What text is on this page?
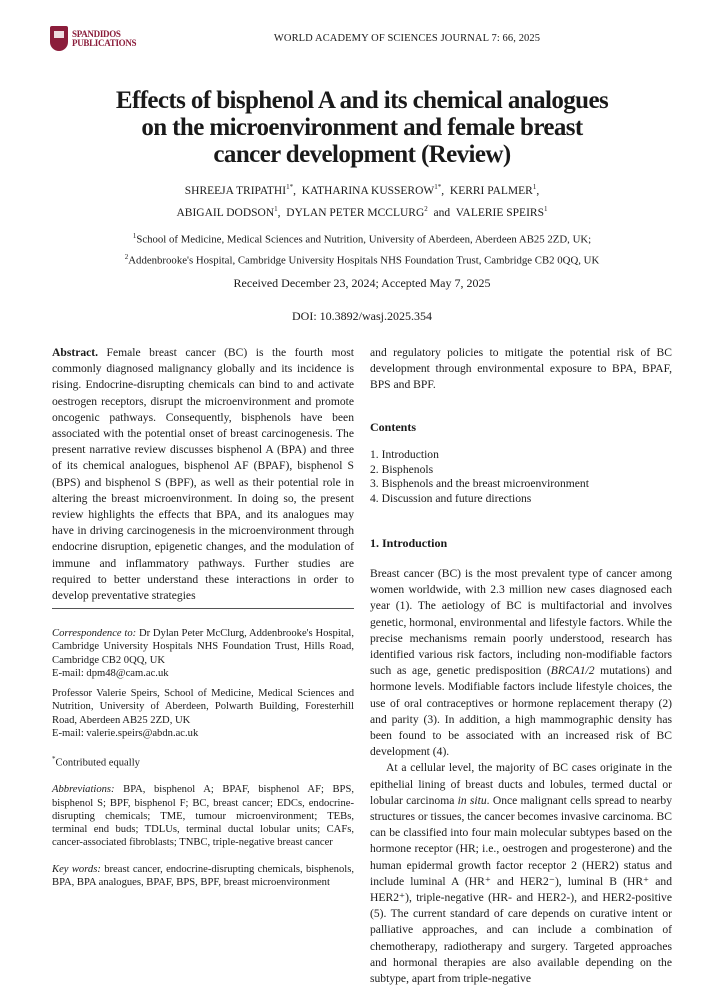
SPANDIDOS
PUBLICATIONS	WORLD ACADEMY OF SCIENCES JOURNAL 7: 66, 2025
Effects of bisphenol A and its chemical analogues
on the microenvironment and female breast
cancer development (Review)
SHREEJA $TRIPATHI^{1*}$,  KATHARINA $KUSSEROW^{1*}$,  KERRI PALMER$^1$,
ABIGAIL DODSON$^1$,  DYLAN PETER MCCLURG$^2$ and VALERIE SPEIRS$^1$
$^1$School of Medicine, Medical Sciences and Nutrition, University of Aberdeen, Aberdeen AB25 2ZD, UK;
$^2$Addenbrooke's Hospital, Cambridge University Hospitals NHS Foundation Trust, Cambridge CB2 0QQ, UK
Received December 23, 2024; Accepted May 7, 2025
DOI: 10.3892/wasj.2025.354

Abstract. Female breast cancer (BC) is the fourth most commonly diagnosed malignancy globally and its incidence is rising. Endocrine-disrupting chemicals can bind to and activate oestrogen receptors, disrupt the microenvironment and promote oncogenic pathways. Consequently, bisphenols have been associated with the potential onset of breast carcinogenesis. The present narrative review discusses bisphenol A (BPA) and three of its chemical analogues, bisphenol AF (BPAF), bisphenol S (BPS) and bisphenol S (BPF), as well as their potential role in altering the breast microenvironment. In doing so, the present review highlights the effects that BPA, and its analogues may have in driving carcinogenesis in the microenvironment through endocrine disruption, epigenetic changes, and the modulation of immune and inflammatory pathways. Further studies are required to better understand these interactions in order to develop preventative strategies

Correspondence to: Dr Dylan Peter McClurg, Addenbrooke's Hospital, Cambridge University Hospitals NHS Foundation Trust, Hills Road, Cambridge CB2 0QQ, UK

E-mail: dpm48@cam.ac.uk

Professor Valerie Speirs, School of Medicine, Medical Sciences and Nutrition, University of Aberdeen, Polwarth Building, Foresterhill Road, Aberdeen AB25 2ZD, UK

E-mail: valerie.speirs@abdn.ac.uk

*Contributed equally

Abbreviations: BPA, bisphenol A; BPAF, bisphenol AF; BPS, bisphenol S; BPF, bisphenol F; BC, breast cancer; EDCs, endocrine-disrupting chemicals; TME, tumour microenvironment; TEBs, terminal end buds; TDLUs, terminal ductal lobular units; CAFs, cancer-associated fibroblasts; TNBC, triple-negative breast cancer

Key words: breast cancer, endocrine-disrupting chemicals, bisphenols, BPA, BPA analogues, BPAF, BPS, BPF, breast microenvironment

and regulatory policies to mitigate the potential risk of BC development through environmental exposure to BPA, BPAF, BPS and BPF.

Contents
1. Introduction
2. Bisphenols
3. Bisphenols and the breast microenvironment
4. Discussion and future directions
1. Introduction

Breast cancer (BC) is the most prevalent type of cancer among women worldwide, with 2.3 million new cases diagnosed each year (1). The aetiology of BC is multifactorial and involves genetic, hormonal, environmental and lifestyle factors. While the precise mechanisms remain poorly understood, research has identified various risk factors, including non-modifiable factors such as age, genetic predisposition (BRCA1/2 mutations) and hormone levels. Modifiable factors include lifestyle choices, the use of oral contraceptives or hormone replacement therapy (2) and parity (3). In addition, a high mammographic density has been found to be associated with an increased risk of BC development (4).

At a cellular level, the majority of BC cases originate in the epithelial lining of breast ducts and lobules, termed ductal or lobular carcinoma in situ. Once malignant cells spread to nearby structures or tissues, the cancer becomes invasive carcinoma. BC can be classified into four main molecular subtypes based on the hormone receptor (HR; i.e., oestrogen and progesterone) and the human epidermal growth factor receptor 2 (HER2) status and include luminal A (HR⁺ and HER2⁻), luminal B (HR⁺ and HER2⁺), triple-negative (HR- and HER2-), and HER2-positive (5). The current standard of care depends on curative intent or palliative approaches, and can include a combination of chemotherapy, radiotherapy and surgery. Targeted approaches and hormonal therapies are also available depending on the subtype, apart from triple-negative
